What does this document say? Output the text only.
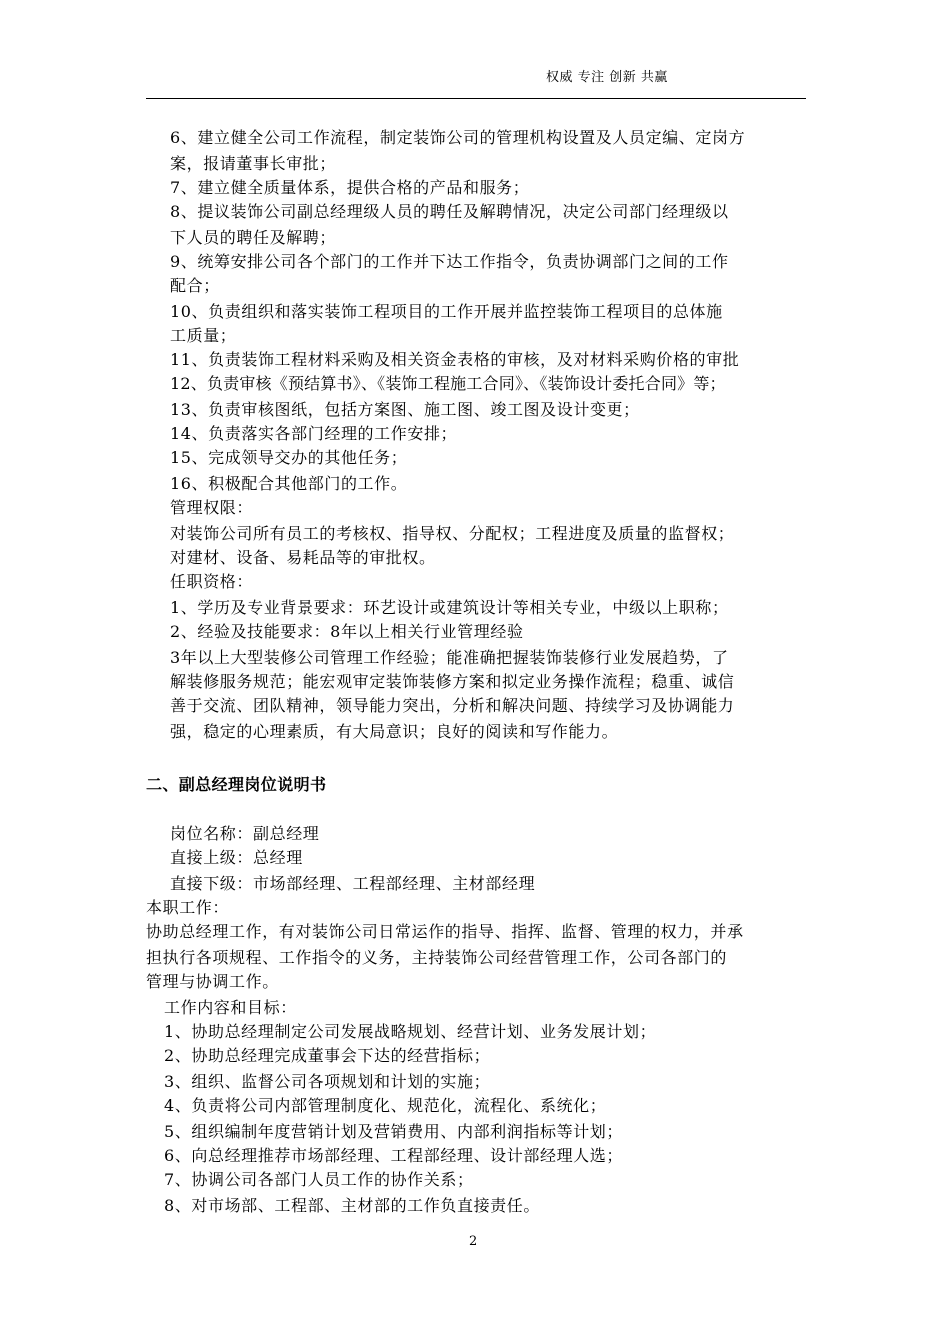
权威 专注 创新 共赢
6、建立健全公司工作流程，制定装饰公司的管理机构设置及人员定编、定岗方
案，报请董事长审批；
7、建立健全质量体系，提供合格的产品和服务；
8、提议装饰公司副总经理级人员的聘任及解聘情况，决定公司部门经理级以
下人员的聘任及解聘；
9、统筹安排公司各个部门的工作并下达工作指令，负责协调部门之间的工作
配合；
10、负责组织和落实装饰工程项目的工作开展并监控装饰工程项目的总体施
工质量；
11、负责装饰工程材料采购及相关资金表格的审核，及对材料采购价格的审批
12、负责审核《预结算书》、《装饰工程施工合同》、《装饰设计委托合同》等；
13、负责审核图纸，包括方案图、施工图、竣工图及设计变更；
14、负责落实各部门经理的工作安排；
15、完成领导交办的其他任务；
16、积极配合其他部门的工作。
管理权限：
对装饰公司所有员工的考核权、指导权、分配权；工程进度及质量的监督权；
对建材、设备、易耗品等的审批权。
任职资格：
1、学历及专业背景要求：环艺设计或建筑设计等相关专业，中级以上职称；
2、经验及技能要求：8年以上相关行业管理经验
3年以上大型装修公司管理工作经验；能准确把握装饰装修行业发展趋势，了
解装修服务规范；能宏观审定装饰装修方案和拟定业务操作流程；稳重、诚信
善于交流、团队精神，领导能力突出，分析和解决问题、持续学习及协调能力
强，稳定的心理素质，有大局意识；良好的阅读和写作能力。
二、副总经理岗位说明书
岗位名称：副总经理
直接上级：总经理
直接下级：市场部经理、工程部经理、主材部经理
本职工作：
协助总经理工作，有对装饰公司日常运作的指导、指挥、监督、管理的权力，并承
担执行各项规程、工作指令的义务，主持装饰公司经营管理工作，公司各部门的
管理与协调工作。
工作内容和目标：
1、协助总经理制定公司发展战略规划、经营计划、业务发展计划；
2、协助总经理完成董事会下达的经营指标；
3、组织、监督公司各项规划和计划的实施；
4、负责将公司内部管理制度化、规范化，流程化、系统化；
5、组织编制年度营销计划及营销费用、内部利润指标等计划；
6、向总经理推荐市场部经理、工程部经理、设计部经理人选；
7、协调公司各部门人员工作的协作关系；
8、对市场部、工程部、主材部的工作负直接责任。
2
